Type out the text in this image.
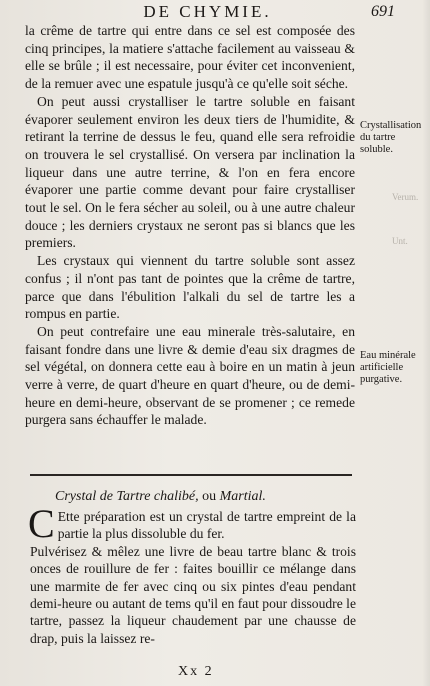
DE CHYMIE.	691

la crême de tartre qui entre dans ce sel est composée des cinq principes, la matiere s'attache facilement au vaisseau & elle se brûle ; il est necessaire, pour éviter cet inconvenient, de la remuer avec une espatule jusqu'à ce qu'elle soit séche.

On peut aussi crystalliser le tartre soluble en faisant évaporer seulement environ les deux tiers de l'humidite, & retirant la terrine de dessus le feu, quand elle sera refroidie on trouvera le sel crystallisé. On versera par inclination la liqueur dans une autre terrine, & l'on en fera encore évaporer une partie comme devant pour faire crystalliser tout le sel. On le fera sécher au soleil, ou à une autre chaleur douce ; les derniers crystaux ne seront pas si blancs que les premiers.

Les crystaux qui viennent du tartre soluble sont assez confus ; il n'ont pas tant de pointes que la crême de tartre, parce que dans l'ébulition l'alkali du sel de tartre les a rompus en partie.

On peut contrefaire une eau minerale très-salutaire, en faisant fondre dans une livre & demie d'eau six dragmes de sel végétal, on donnera cette eau à boire en un matin à jeun verre à verre, de quart d'heure en quart d'heure, ou de demi-heure en demi-heure, observant de se promener ; ce remede purgera sans échauffer le malade.

Crystallisation du tartre soluble.
Verum.
Unt.
Eau minérale artificielle purgative.
Crystal de Tartre chalibé, ou Martial.

C Ette préparation est un crystal de tartre empreint de la partie la plus dissoluble du fer.

Pulvérisez & mêlez une livre de beau tartre blanc & trois onces de rouillure de fer : faites bouillir ce mélange dans une marmite de fer avec cinq ou six pintes d'eau pendant demi-heure ou autant de tems qu'il en faut pour dissoudre le tartre, passez la liqueur chaudement par une chausse de drap, puis la laissez re-

Xx 2
